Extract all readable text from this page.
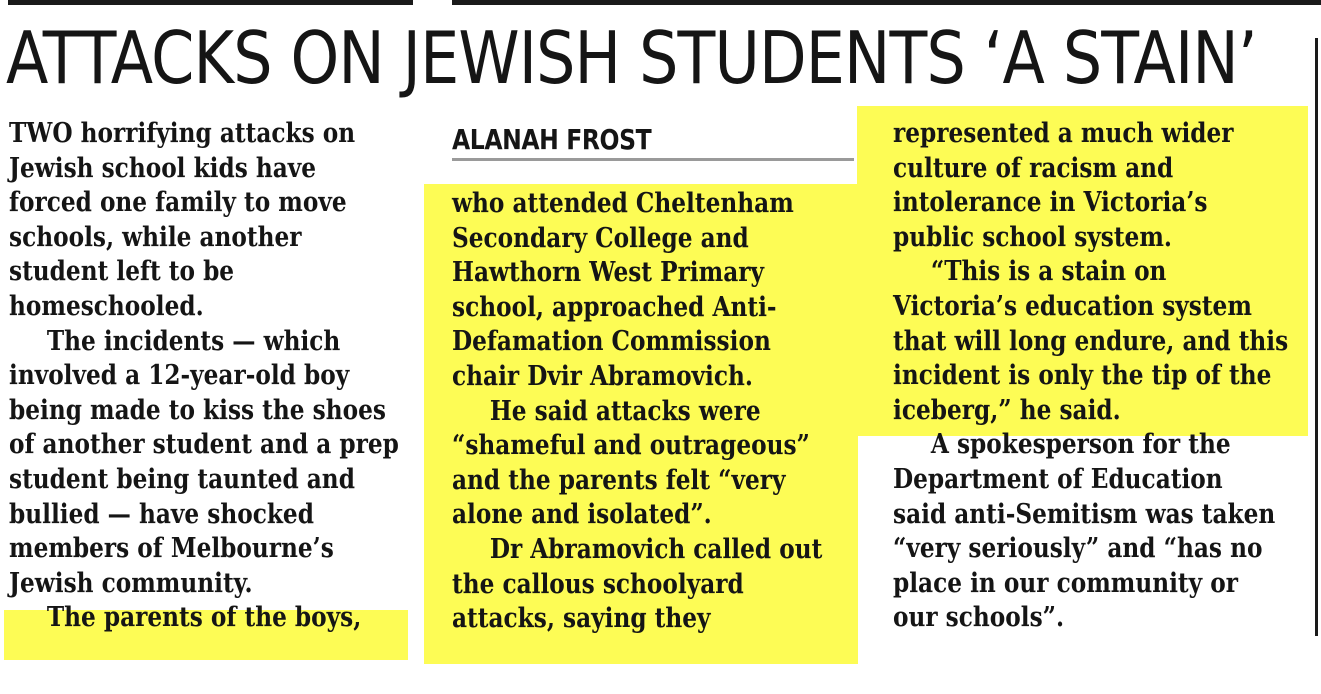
ATTACKS ON JEWISH STUDENTS ‘A STAIN’
ALANAH FROST
TWO horrifying attacks on
Jewish school kids have
forced one family to move
schools, while another
student left to be
homeschooled.
The incidents — which
involved a 12-year-old boy
being made to kiss the shoes
of another student and a prep
student being taunted and
bullied — have shocked
members of Melbourne’s
Jewish community.
The parents of the boys,
who attended Cheltenham
Secondary College and
Hawthorn West Primary
school, approached Anti-
Defamation Commission
chair Dvir Abramovich.
He said attacks were
“shameful and outrageous”
and the parents felt “very
alone and isolated”.
Dr Abramovich called out
the callous schoolyard
attacks, saying they
represented a much wider
culture of racism and
intolerance in Victoria’s
public school system.
“This is a stain on
Victoria’s education system
that will long endure, and this
incident is only the tip of the
iceberg,” he said.
A spokesperson for the
Department of Education
said anti-Semitism was taken
“very seriously” and “has no
place in our community or
our schools”.
